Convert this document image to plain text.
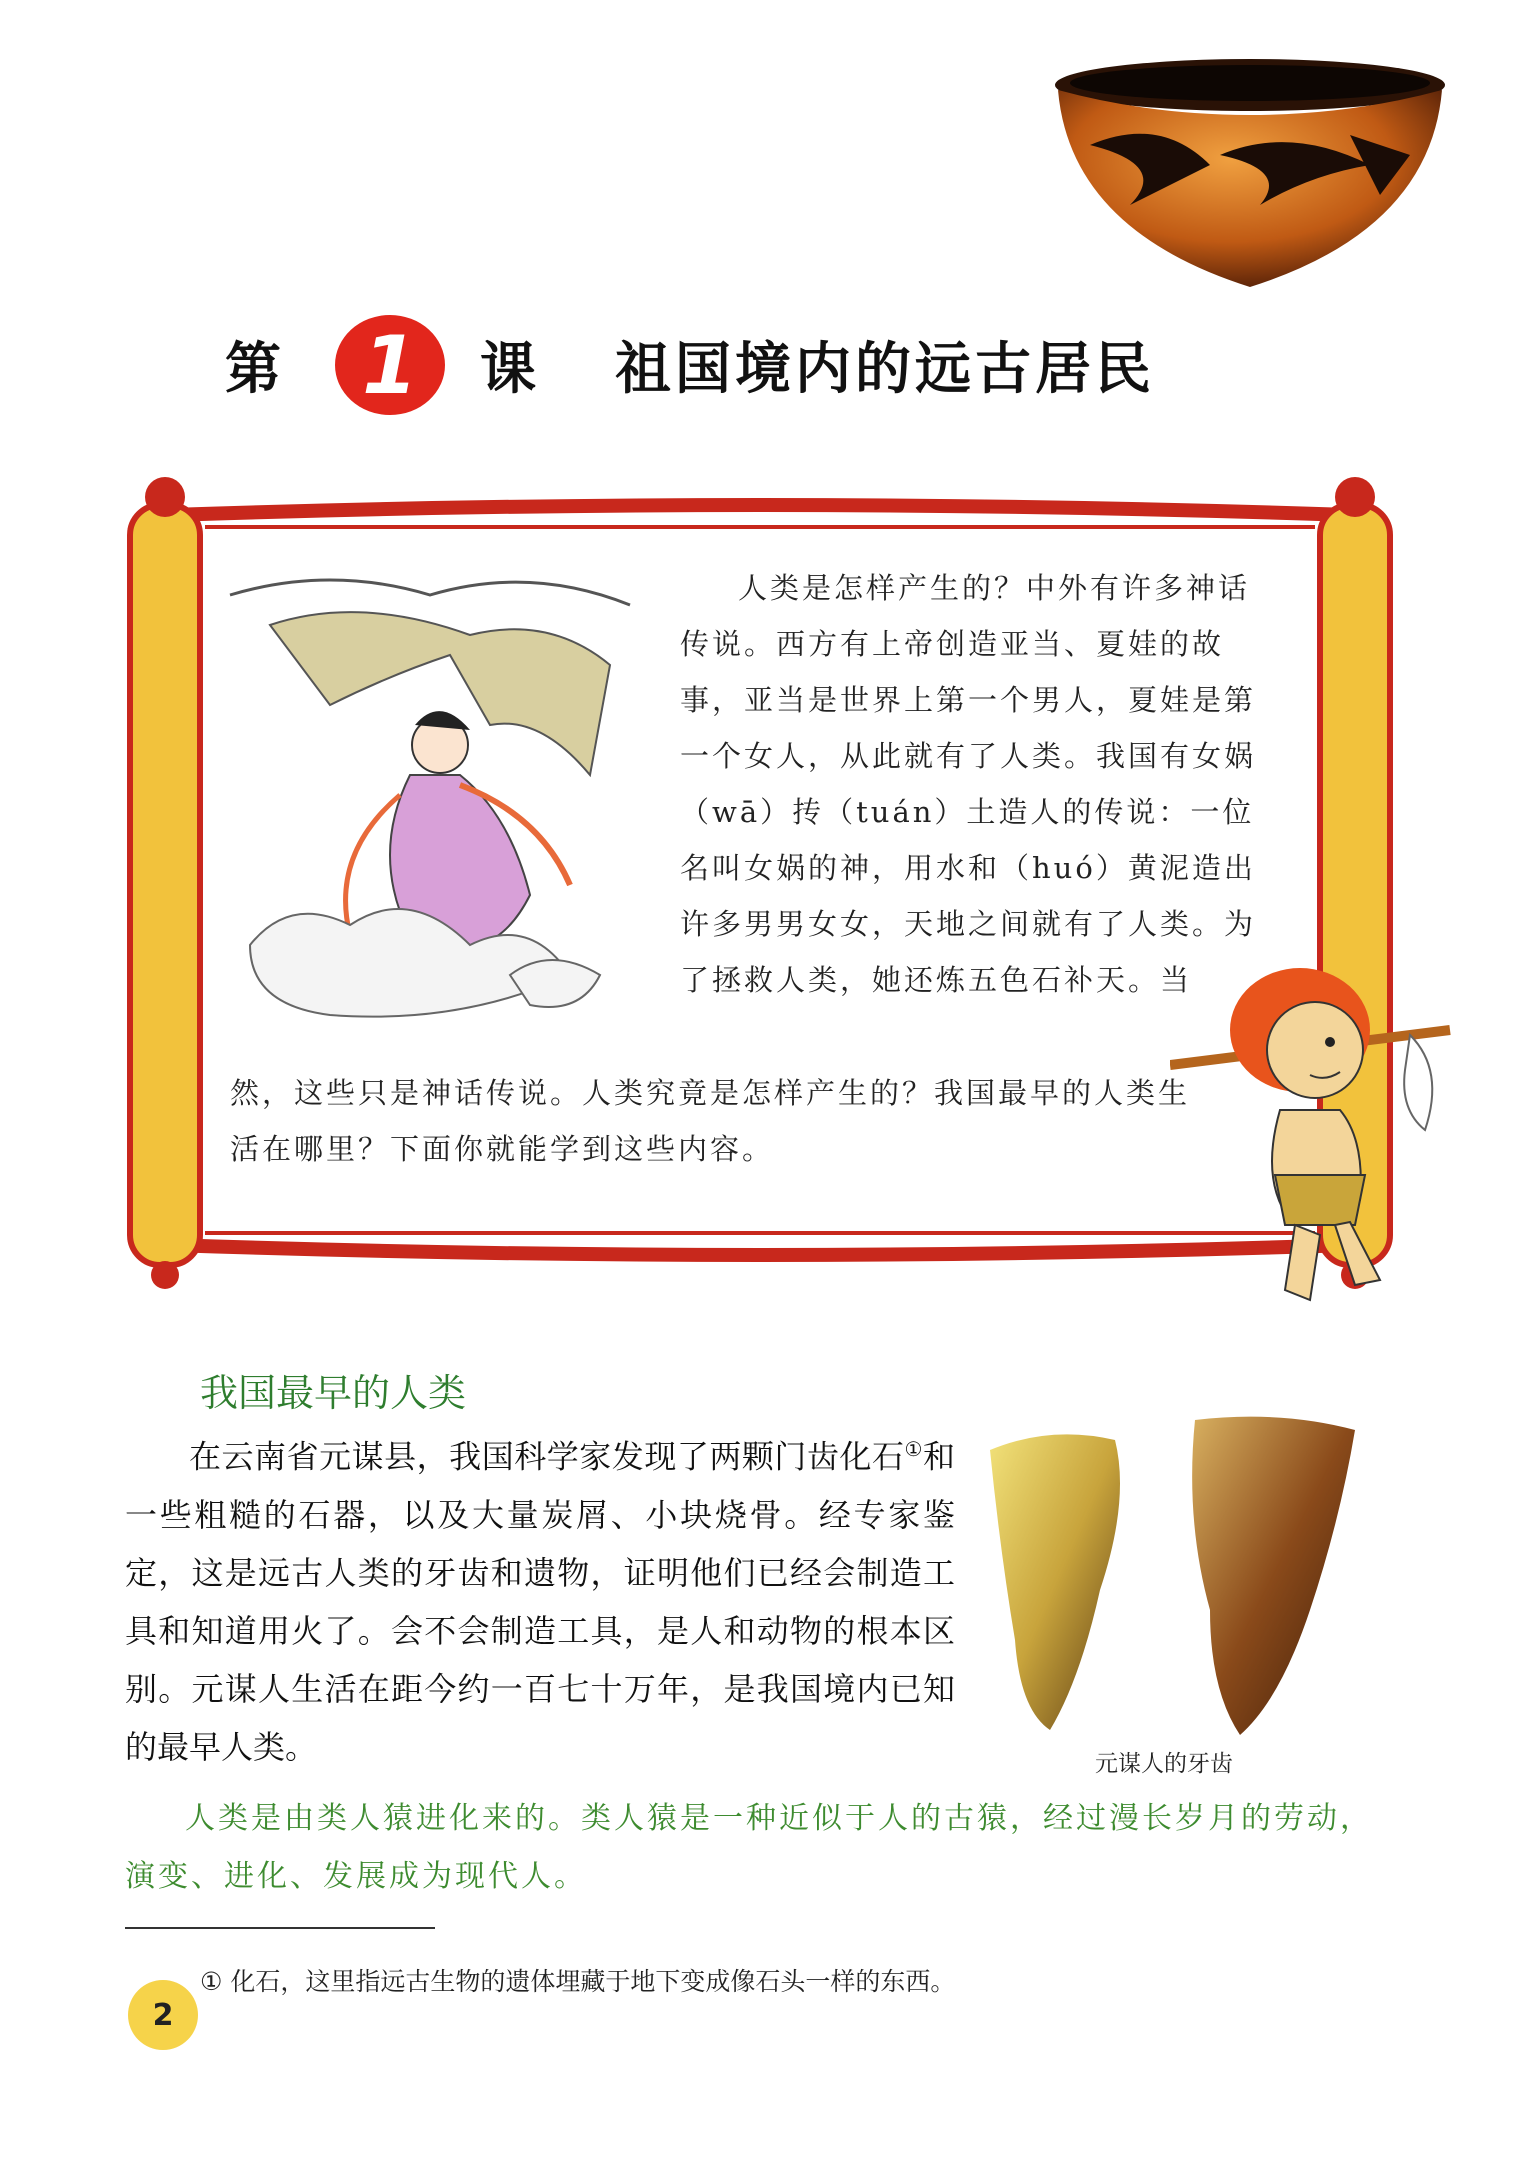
第 1 课 祖国境内的远古居民

人类是怎样产生的？中外有许多神话传说。西方有上帝创造亚当、夏娃的故事，亚当是世界上第一个男人，夏娃是第一个女人，从此就有了人类。我国有女娲（wā）抟（tuán）土造人的传说：一位名叫女娲的神，用水和（huó）黄泥造出许多男男女女，天地之间就有了人类。为了拯救人类，她还炼五色石补天。当

然，这些只是神话传说。人类究竟是怎样产生的？我国最早的人类生活在哪里？下面你就能学到这些内容。
我国最早的人类

在云南省元谋县，我国科学家发现了两颗门齿化石①和一些粗糙的石器，以及大量炭屑、小块烧骨。经专家鉴定，这是远古人类的牙齿和遗物，证明他们已经会制造工具和知道用火了。会不会制造工具，是人和动物的根本区别。元谋人生活在距今约一百七十万年，是我国境内已知的最早人类。	元谋人的牙齿

人类是由类人猿进化来的。类人猿是一种近似于人的古猿，经过漫长岁月的劳动，演变、进化、发展成为现代人。

① 化石，这里指远古生物的遗体埋藏于地下变成像石头一样的东西。
2
